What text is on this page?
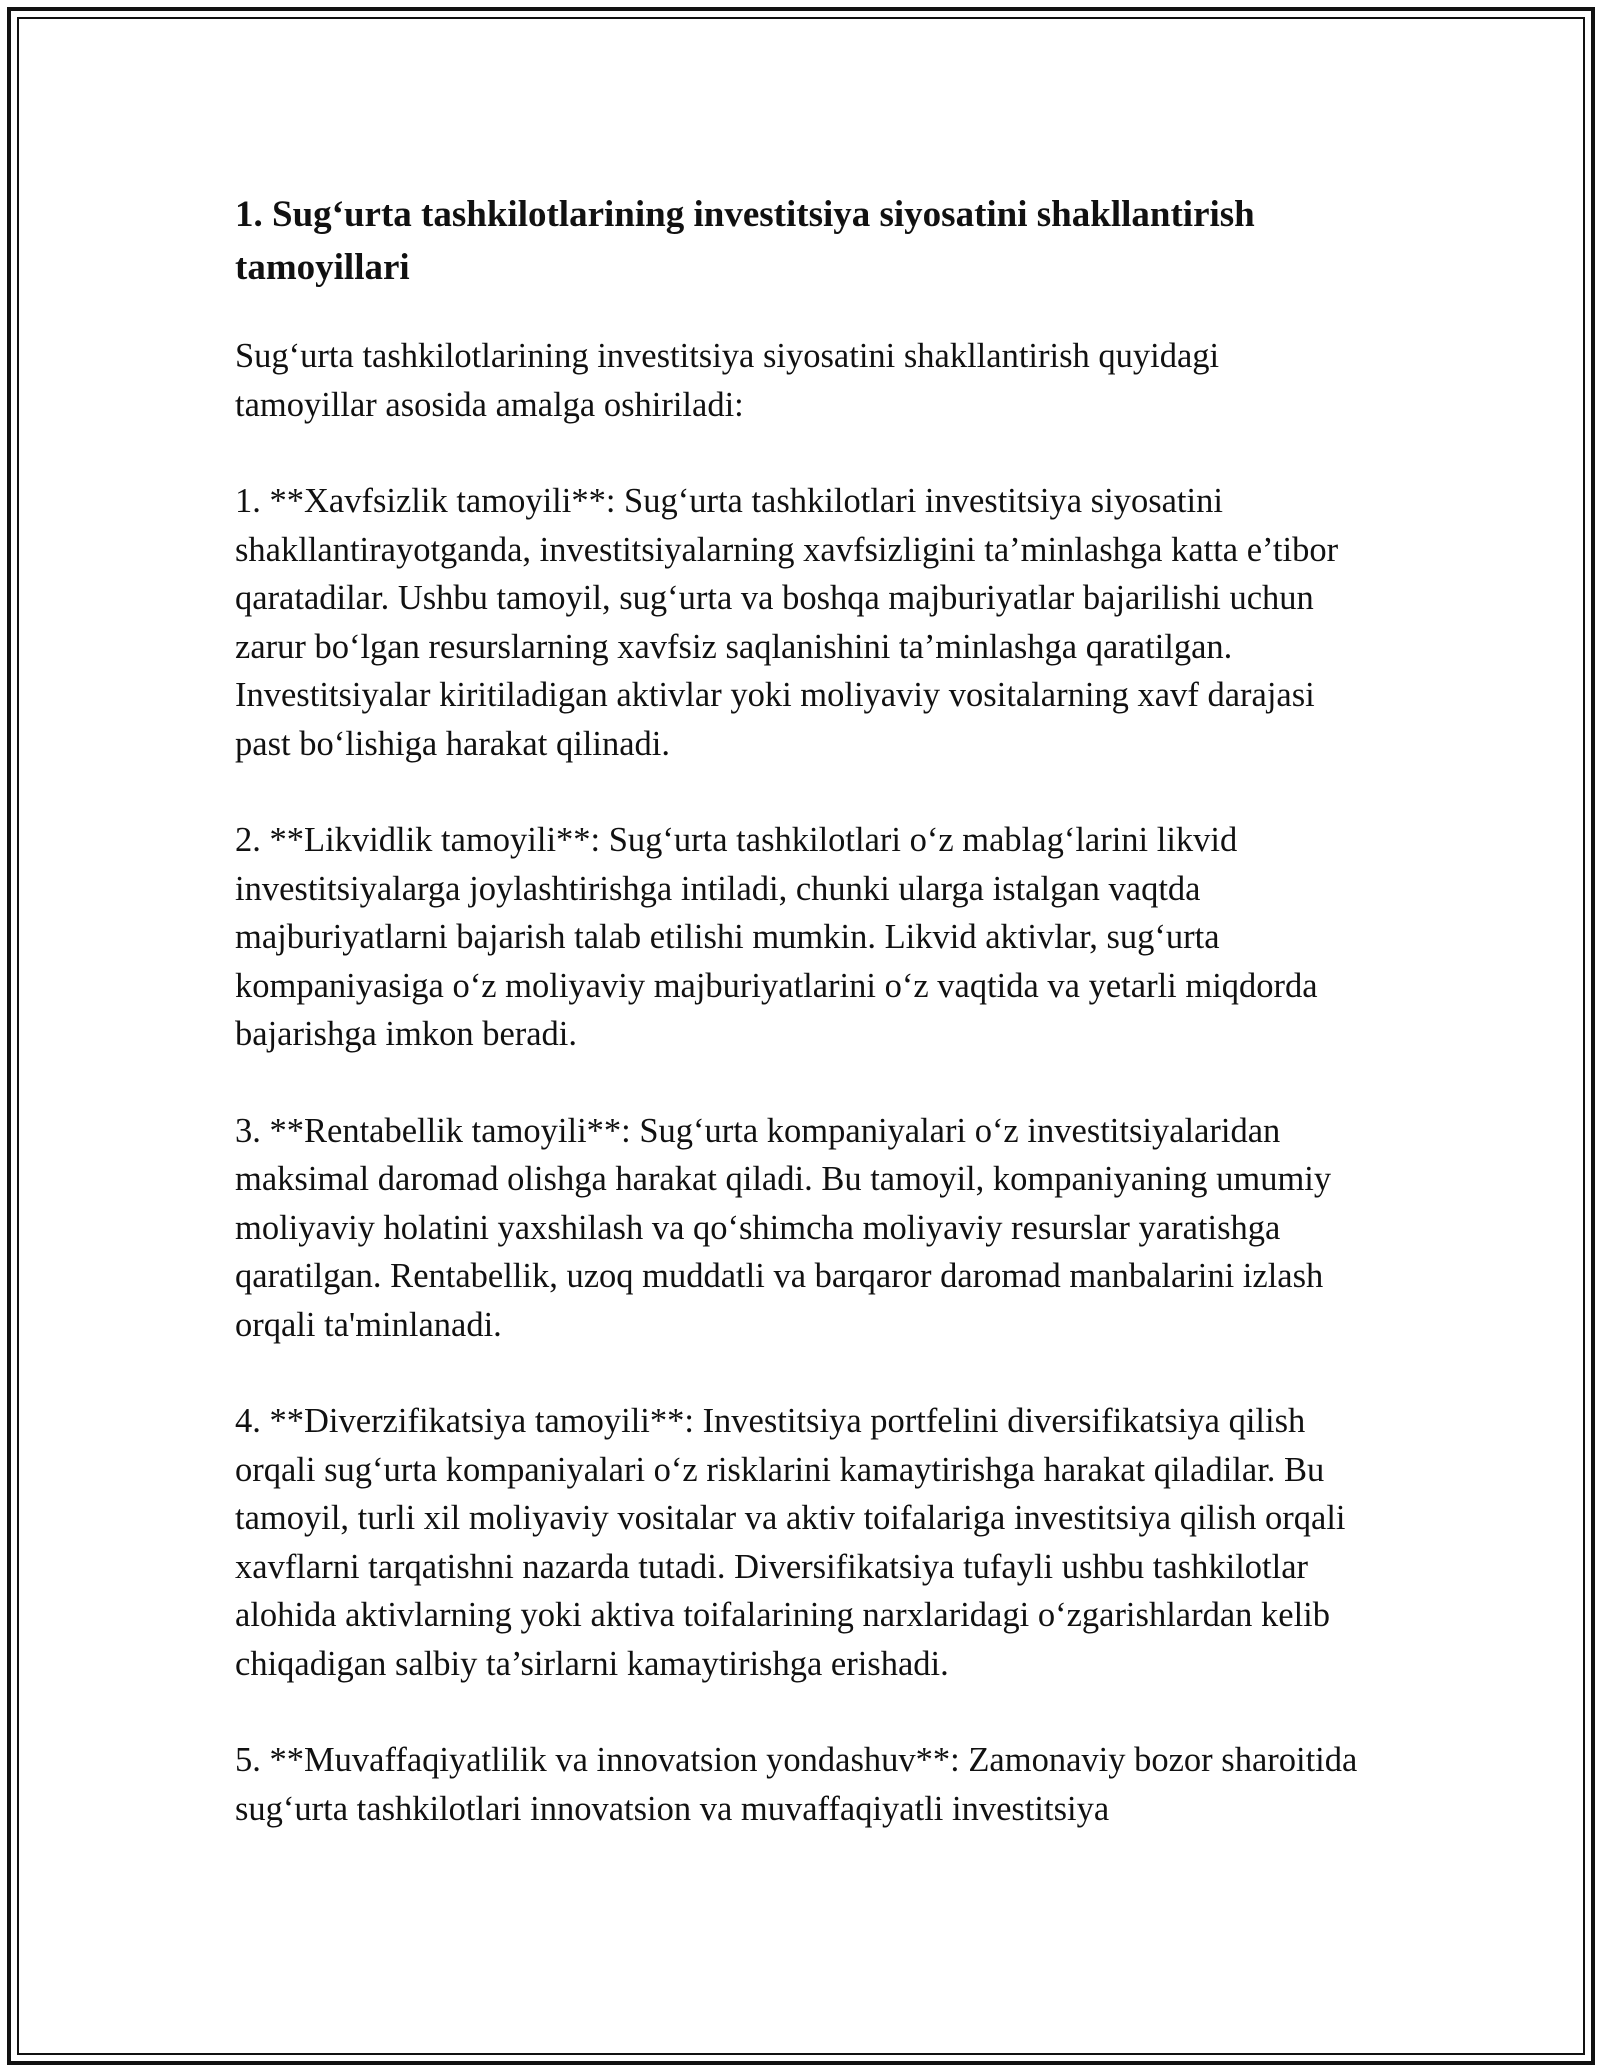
1. Sug‘urta tashkilotlarining investitsiya siyosatini shakllantirish tamoyillari

Sug‘urta tashkilotlarining investitsiya siyosatini shakllantirish quyidagi tamoyillar asosida amalga oshiriladi:

1. **Xavfsizlik tamoyili**: Sug‘urta tashkilotlari investitsiya siyosatini shakllantirayotganda, investitsiyalarning xavfsizligini ta’minlashga katta e’tibor qaratadilar. Ushbu tamoyil, sug‘urta va boshqa majburiyatlar bajarilishi uchun zarur bo‘lgan resurslarning xavfsiz saqlanishini ta’minlashga qaratilgan. Investitsiyalar kiritiladigan aktivlar yoki moliyaviy vositalarning xavf darajasi past bo‘lishiga harakat qilinadi.

2. **Likvidlik tamoyili**: Sug‘urta tashkilotlari o‘z mablag‘larini likvid investitsiyalarga joylashtirishga intiladi, chunki ularga istalgan vaqtda majburiyatlarni bajarish talab etilishi mumkin. Likvid aktivlar, sug‘urta kompaniyasiga o‘z moliyaviy majburiyatlarini o‘z vaqtida va yetarli miqdorda bajarishga imkon beradi.

3. **Rentabellik tamoyili**: Sug‘urta kompaniyalari o‘z investitsiyalaridan maksimal daromad olishga harakat qiladi. Bu tamoyil, kompaniyaning umumiy moliyaviy holatini yaxshilash va qo‘shimcha moliyaviy resurslar yaratishga qaratilgan. Rentabellik, uzoq muddatli va barqaror daromad manbalarini izlash orqali ta'minlanadi.

4. **Diverzifikatsiya tamoyili**: Investitsiya portfelini diversifikatsiya qilish orqali sug‘urta kompaniyalari o‘z risklarini kamaytirishga harakat qiladilar. Bu tamoyil, turli xil moliyaviy vositalar va aktiv toifalariga investitsiya qilish orqali xavflarni tarqatishni nazarda tutadi. Diversifikatsiya tufayli ushbu tashkilotlar alohida aktivlarning yoki aktiva toifalarining narxlaridagi o‘zgarishlardan kelib chiqadigan salbiy ta’sirlarni kamaytirishga erishadi.

5. **Muvaffaqiyatlilik va innovatsion yondashuv**: Zamonaviy bozor sharoitida sug‘urta tashkilotlari innovatsion va muvaffaqiyatli investitsiya
